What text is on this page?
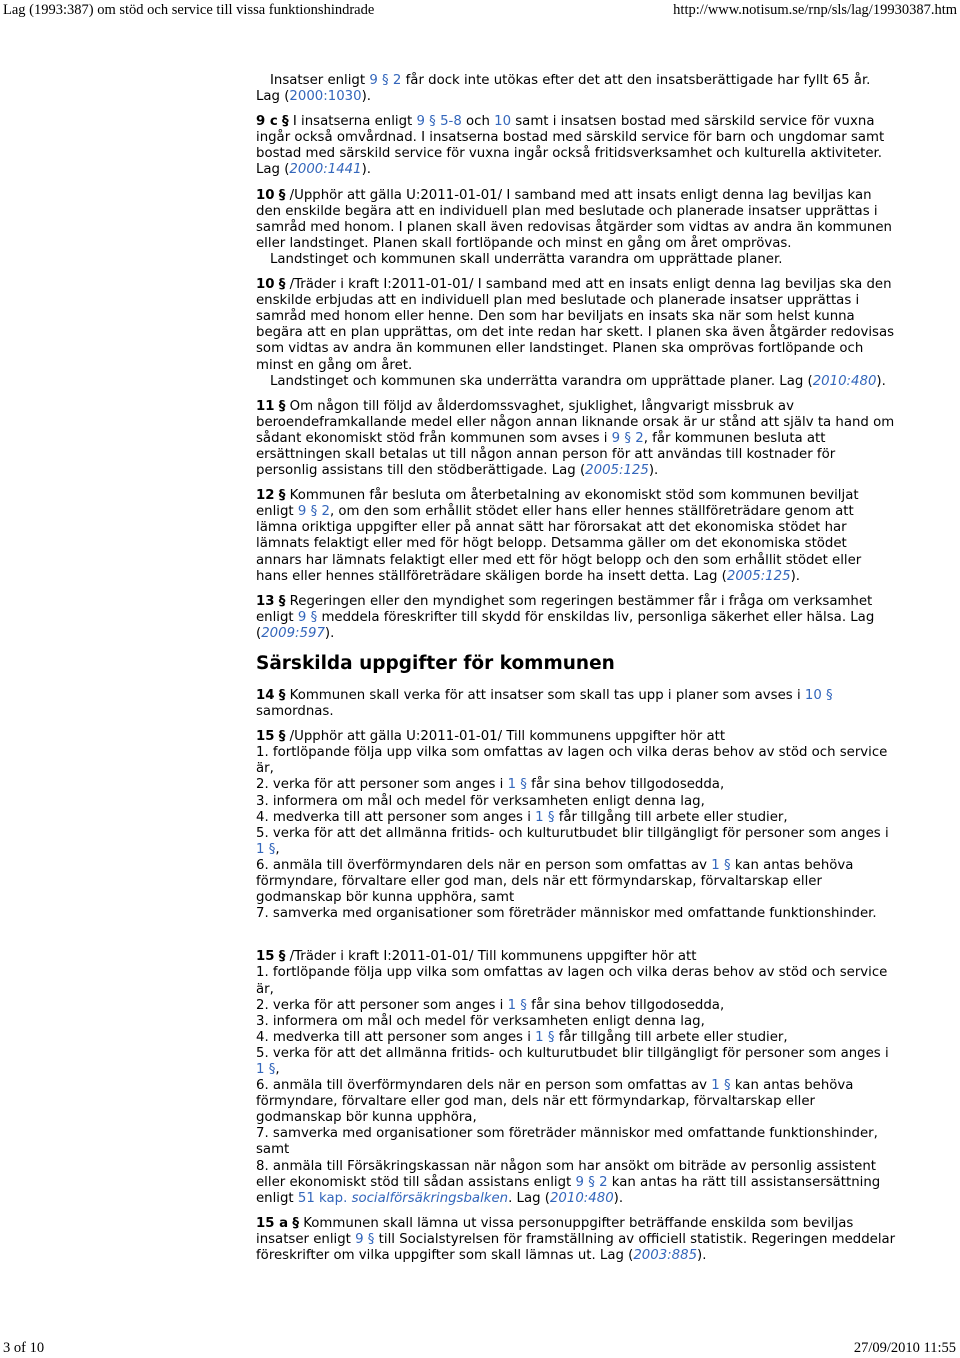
Lag (1993:387) om stöd och service till vissa funktionshindrade	http://www.notisum.se/rnp/sls/lag/19930387.htm
Insatser enligt 9 § 2 får dock inte utökas efter det att den insatsberättigade har fyllt 65 år. Lag (2000:1030).
9 c § I insatserna enligt 9 § 5-8 och 10 samt i insatsen bostad med särskild service för vuxna ingår också omvårdnad. I insatserna bostad med särskild service för barn och ungdomar samt bostad med särskild service för vuxna ingår också fritidsverksamhet och kulturella aktiviteter. Lag (2000:1441).
10 § /Upphör att gälla U:2011-01-01/ I samband med att insats enligt denna lag beviljas kan den enskilde begära att en individuell plan med beslutade och planerade insatser upprättas i samråd med honom. I planen skall även redovisas åtgärder som vidtas av andra än kommunen eller landstinget. Planen skall fortlöpande och minst en gång om året omprövas.
Landstinget och kommunen skall underrätta varandra om upprättade planer.
10 § /Träder i kraft I:2011-01-01/ I samband med att en insats enligt denna lag beviljas ska den enskilde erbjudas att en individuell plan med beslutade och planerade insatser upprättas i samråd med honom eller henne. Den som har beviljats en insats ska när som helst kunna begära att en plan upprättas, om det inte redan har skett. I planen ska även åtgärder redovisas som vidtas av andra än kommunen eller landstinget. Planen ska omprövas fortlöpande och minst en gång om året.
Landstinget och kommunen ska underrätta varandra om upprättade planer. Lag (2010:480).
11 § Om någon till följd av ålderdomssvaghet, sjuklighet, långvarigt missbruk av beroendeframkallande medel eller någon annan liknande orsak är ur stånd att själv ta hand om sådant ekonomiskt stöd från kommunen som avses i 9 § 2, får kommunen besluta att ersättningen skall betalas ut till någon annan person för att användas till kostnader för personlig assistans till den stödberättigade. Lag (2005:125).
12 § Kommunen får besluta om återbetalning av ekonomiskt stöd som kommunen beviljat enligt 9 § 2, om den som erhållit stödet eller hans eller hennes ställföreträdare genom att lämna oriktiga uppgifter eller på annat sätt har förorsakat att det ekonomiska stödet har lämnats felaktigt eller med för högt belopp. Detsamma gäller om det ekonomiska stödet annars har lämnats felaktigt eller med ett för högt belopp och den som erhållit stödet eller hans eller hennes ställföreträdare skäligen borde ha insett detta. Lag (2005:125).
13 § Regeringen eller den myndighet som regeringen bestämmer får i fråga om verksamhet enligt 9 § meddela föreskrifter till skydd för enskildas liv, personliga säkerhet eller hälsa. Lag (2009:597).
Särskilda uppgifter för kommunen
14 § Kommunen skall verka för att insatser som skall tas upp i planer som avses i 10 § samordnas.
15 § /Upphör att gälla U:2011-01-01/ Till kommunens uppgifter hör att
1. fortlöpande följa upp vilka som omfattas av lagen och vilka deras behov av stöd och service är,
2. verka för att personer som anges i 1 § får sina behov tillgodosedda,
3. informera om mål och medel för verksamheten enligt denna lag,
4. medverka till att personer som anges i 1 § får tillgång till arbete eller studier,
5. verka för att det allmänna fritids- och kulturutbudet blir tillgängligt för personer som anges i 1 §,
6. anmäla till överförmyndaren dels när en person som omfattas av 1 § kan antas behöva förmyndare, förvaltare eller god man, dels när ett förmyndarskap, förvaltarskap eller godmanskap bör kunna upphöra, samt
7. samverka med organisationer som företräder människor med omfattande funktionshinder.
15 § /Träder i kraft I:2011-01-01/ Till kommunens uppgifter hör att
1. fortlöpande följa upp vilka som omfattas av lagen och vilka deras behov av stöd och service är,
2. verka för att personer som anges i 1 § får sina behov tillgodosedda,
3. informera om mål och medel för verksamheten enligt denna lag,
4. medverka till att personer som anges i 1 § får tillgång till arbete eller studier,
5. verka för att det allmänna fritids- och kulturutbudet blir tillgängligt för personer som anges i 1 §,
6. anmäla till överförmyndaren dels när en person som omfattas av 1 § kan antas behöva förmyndare, förvaltare eller god man, dels när ett förmyndarkap, förvaltarskap eller godmanskap bör kunna upphöra,
7. samverka med organisationer som företräder människor med omfattande funktionshinder, samt
8. anmäla till Försäkringskassan när någon som har ansökt om biträde av personlig assistent eller ekonomiskt stöd till sådan assistans enligt 9 § 2 kan antas ha rätt till assistansersättning enligt 51 kap. socialförsäkringsbalken. Lag (2010:480).
15 a § Kommunen skall lämna ut vissa personuppgifter beträffande enskilda som beviljas insatser enligt 9 § till Socialstyrelsen för framställning av officiell statistik. Regeringen meddelar föreskrifter om vilka uppgifter som skall lämnas ut. Lag (2003:885).
3 of 10	27/09/2010 11:55
